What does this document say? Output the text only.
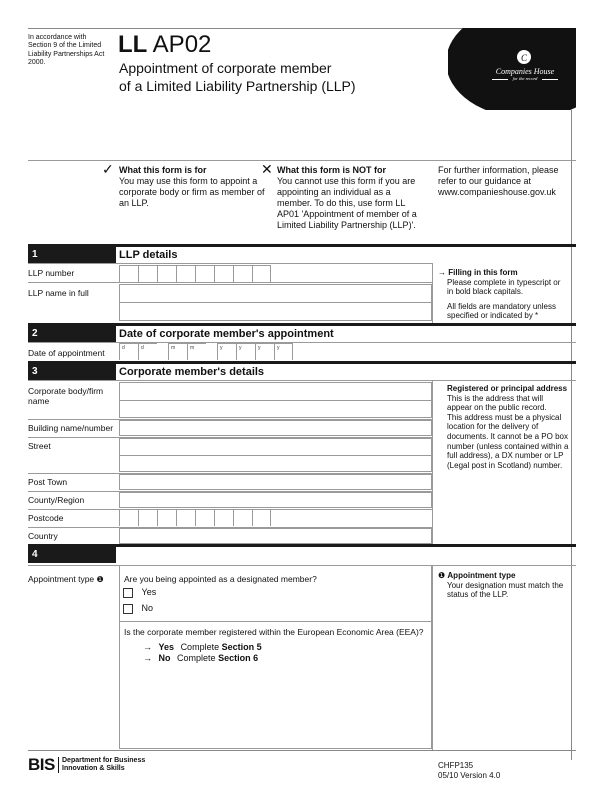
In accordance with Section 9 of the Limited Liability Partnerships Act 2000.
LL AP02
Appointment of corporate member
of a Limited Liability Partnership (LLP)
C
Companies House
for the record
✓ What this form is for
You may use this form to appoint a corporate body or firm as member of an LLP.
✕ What this form is NOT for
You cannot use this form if you are appointing an individual as a member. To do this, use form LL AP01 'Appointment of member of a Limited Liability Partnership (LLP)'.
For further information, please refer to our guidance at www.companieshouse.gov.uk
1	LLP details
LLP number
LLP name in full
→ Filling in this form
Please complete in typescript or in bold black capitals.
All fields are mandatory unless specified or indicated by *
2	Date of corporate member's appointment
Date of appointment	d	d	m	m	y	y	y	y
3	Corporate member's details
Corporate body/firm name
Building name/number
Street
Post Town
County/Region
Postcode
Country
Registered or principal address
This is the address that will appear on the public record.
This address must be a physical location for the delivery of documents. It cannot be a PO box number (unless contained within a full address), a DX number or LP (Legal post in Scotland) number.
4
Appointment type ❶ Are you being appointed as a designated member?
Yes
No
Is the corporate member registered within the European Economic Area (EEA)?
→ Yes Complete Section 5
→ No Complete Section 6
❶ Appointment type
Your designation must match the status of the LLP.
BIS Department for Business
Innovation & Skills	CHFP135
05/10 Version 4.0
